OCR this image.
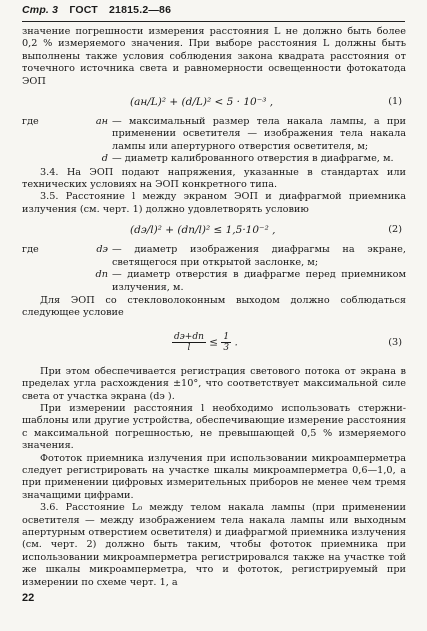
Стр. 3 ГОСТ 21815.2—86

значение погрешности измерения расстояния L не должно быть более 0,2 % измеряемого значения. При выборе расстояния L должны быть выполнены также условия соблюдения закона квадрата расстояния от точечного источника света и равномерности освещенности фотокатода ЭОП

(aн/L)² + (d/L)² < 5 · 10⁻³ ,	(1)
где	aн — максимальный размер тела накала лампы, а при применении осветителя — изображения тела накала лампы или апертурного отверстия осветителя, м;
d — диаметр калиброванного отверстия в диафрагме, м.

3.4. На ЭОП подают напряжения, указанные в стандартах или технических условиях на ЭОП конкретного типа.

3.5. Расстояние l между экраном ЭОП и диафрагмой приемника излучения (см. черт. 1) должно удовлетворять условию

(dэ/l)² + (dп/l)² ≤ 1,5·10⁻² ,	(2)
где	dэ — диаметр изображения диафрагмы на экране, светящегося при открытой заслонке, м;
dп — диаметр отверстия в диафрагме перед приемником излучения, м.

Для ЭОП со стекловолоконным выходом должно соблюдаться следующее условие

$\frac{dэ+dп}{l} \le \frac{1}{3}$ .	(3)

При этом обеспечивается регистрация светового потока от экрана в пределах угла расхождения ±10°, что соответствует максимальной силе света от участка экрана (dэ ).

При измерении расстояния l необходимо использовать стержни-шаблоны или другие устройства, обеспечивающие измерение расстояния с максимальной погрешностью, не превышающей 0,5 % измеряемого значения.

Фототок приемника излучения при использовании микроамперметра следует регистрировать на участке шкалы микроамперметра 0,6—1,0, а при применении цифровых измерительных приборов не менее чем тремя значащими цифрами.

3.6. Расстояние L₀ между телом накала лампы (при применении осветителя — между изображением тела накала лампы или выходным апертурным отверстием осветителя) и диафрагмой приемника излучения (см. черт. 2) должно быть таким, чтобы фототок приемника при использовании микроамперметра регистрировался также на участке той же шкалы микроамперметра, что и фототок, регистрируемый при измерении по схеме черт. 1, а

22
